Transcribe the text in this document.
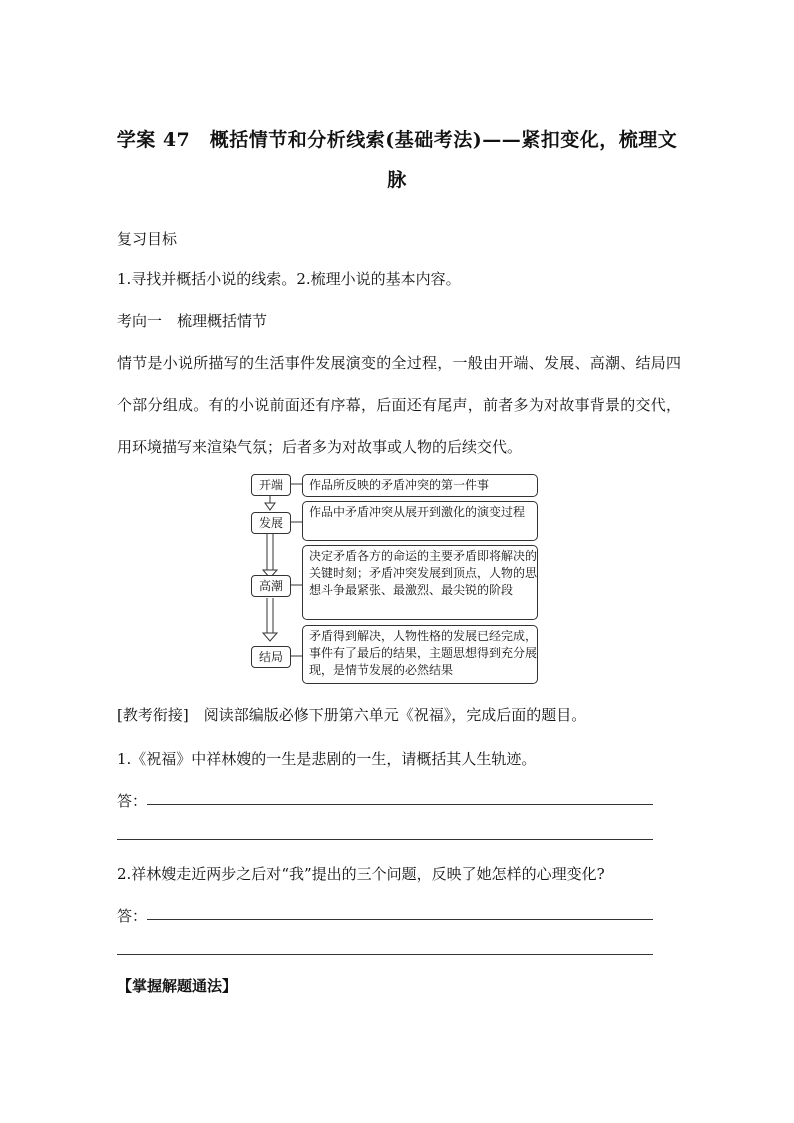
学案 47　概括情节和分析线索(基础考法)——紧扣变化，梳理文
脉
复习目标
1.寻找并概括小说的线索。2.梳理小说的基本内容。
考向一　梳理概括情节
情节是小说所描写的生活事件发展演变的全过程，一般由开端、发展、高潮、结局四个部分组成。有的小说前面还有序幕，后面还有尾声，前者多为对故事背景的交代，用环境描写来渲染气氛；后者多为对故事或人物的后续交代。
开端	作品所反映的矛盾冲突的第一件事
发展
作品中矛盾冲突从展开到激化的演变过程
高潮
决定矛盾各方的命运的主要矛盾即将解决的关键时刻；矛盾冲突发展到顶点，人物的思想斗争最紧张、最激烈、最尖锐的阶段
结局
矛盾得到解决，人物性格的发展已经完成，事件有了最后的结果，主题思想得到充分展现，是情节发展的必然结果
[教考衔接]　阅读部编版必修下册第六单元《祝福》，完成后面的题目。
1.《祝福》中祥林嫂的一生是悲剧的一生，请概括其人生轨迹。
答：
2.祥林嫂走近两步之后对“我”提出的三个问题，反映了她怎样的心理变化?
答：
【掌握解题通法】
